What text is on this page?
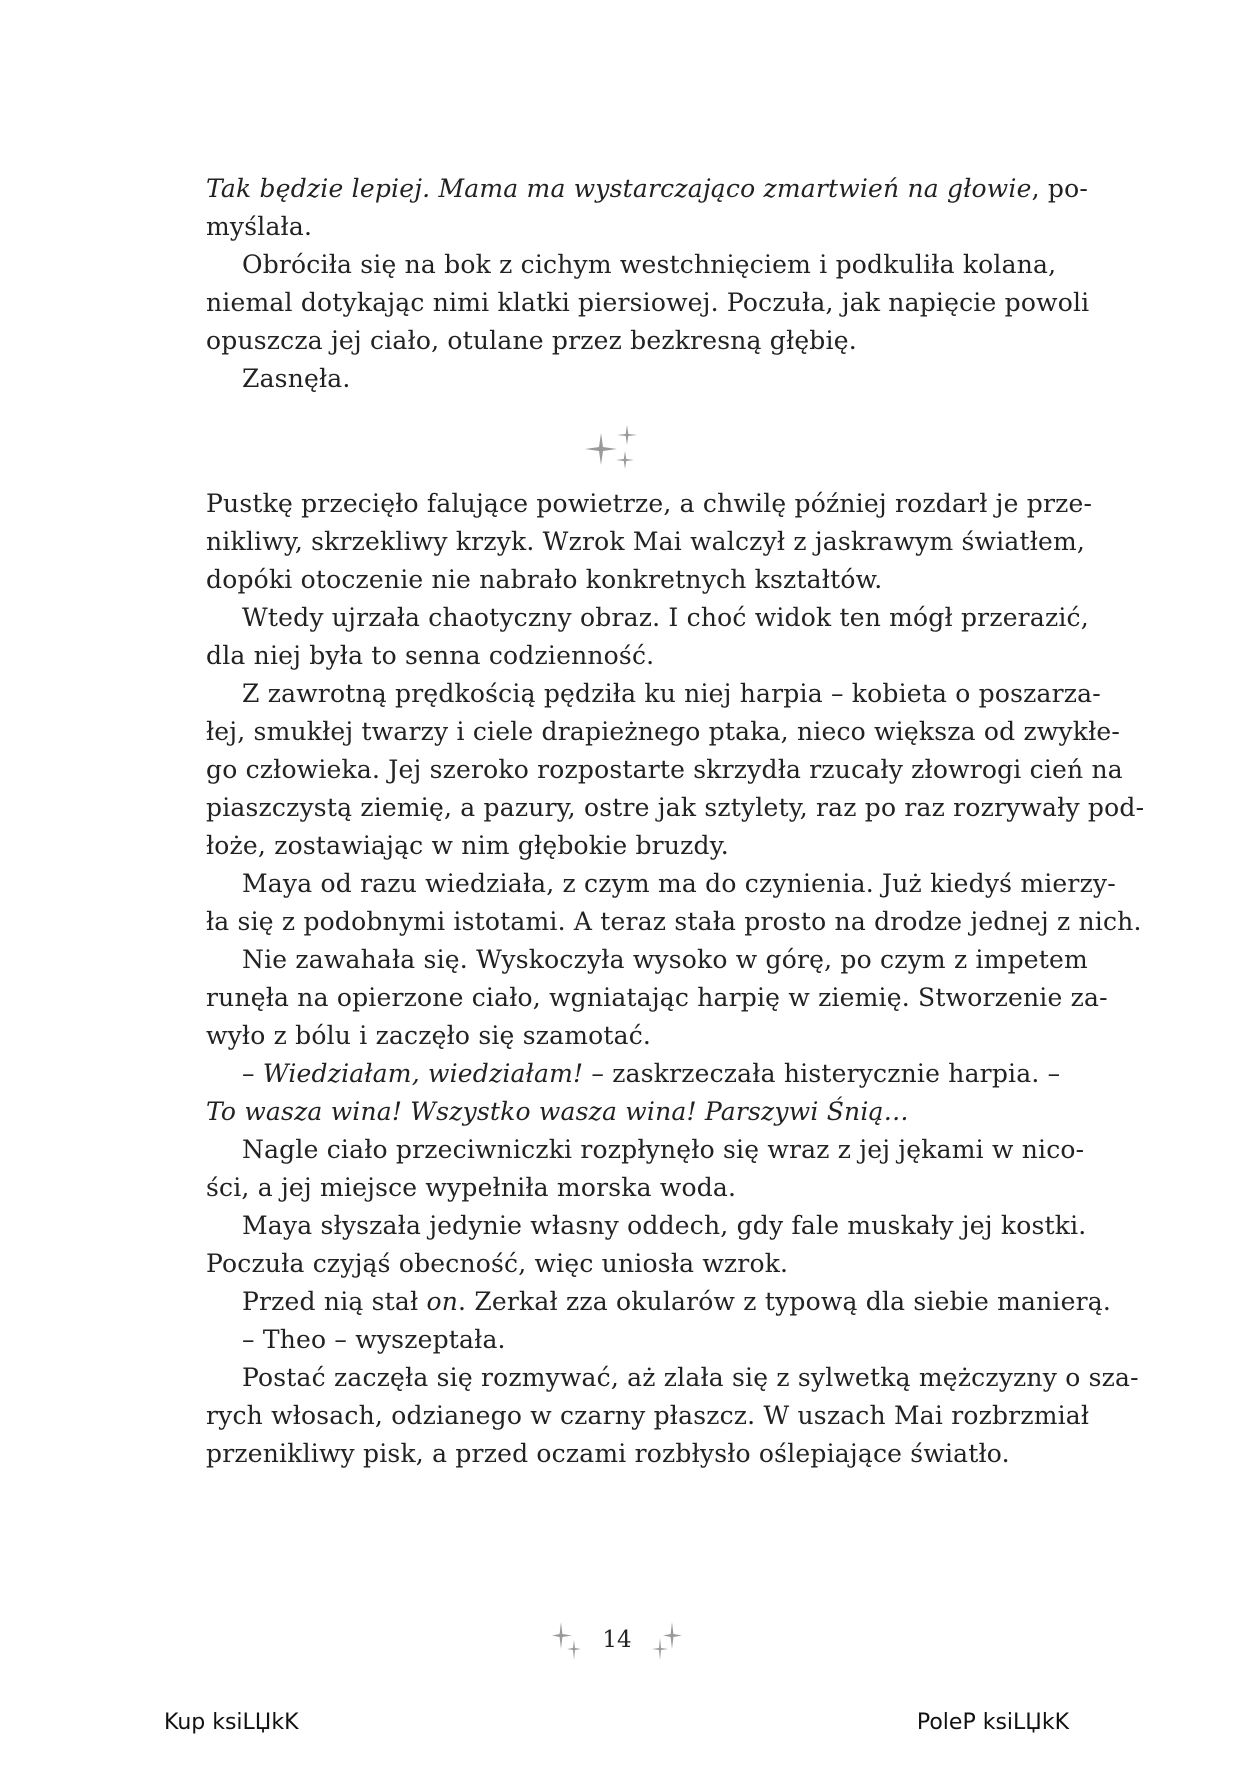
Tak będzie lepiej. Mama ma wystarczająco zmartwień na głowie, po-
myślała.
Obróciła się na bok z cichym westchnięciem i podkuliła kolana,
niemal dotykając nimi klatki piersiowej. Poczuła, jak napięcie powoli
opuszcza jej ciało, otulane przez bezkresną głębię.
Zasnęła.
Pustkę przecięło falujące powietrze, a chwilę później rozdarł je prze-
nikliwy, skrzekliwy krzyk. Wzrok Mai walczył z jaskrawym światłem,
dopóki otoczenie nie nabrało konkretnych kształtów.
Wtedy ujrzała chaotyczny obraz. I choć widok ten mógł przerazić,
dla niej była to senna codzienność.
Z zawrotną prędkością pędziła ku niej harpia – kobieta o poszarza-
łej, smukłej twarzy i ciele drapieżnego ptaka, nieco większa od zwykłe-
go człowieka. Jej szeroko rozpostarte skrzydła rzucały złowrogi cień na
piaszczystą ziemię, a pazury, ostre jak sztylety, raz po raz rozrywały pod-
łoże, zostawiając w nim głębokie bruzdy.
Maya od razu wiedziała, z czym ma do czynienia. Już kiedyś mierzy-
ła się z podobnymi istotami. A teraz stała prosto na drodze jednej z nich.
Nie zawahała się. Wyskoczyła wysoko w górę, po czym z impetem
runęła na opierzone ciało, wgniatając harpię w ziemię. Stworzenie za-
wyło z bólu i zaczęło się szamotać.
– Wiedziałam, wiedziałam! – zaskrzeczała histerycznie harpia. –
To wasza wina! Wszystko wasza wina! Parszywi Śnią…
Nagle ciało przeciwniczki rozpłynęło się wraz z jej jękami w nico-
ści, a jej miejsce wypełniła morska woda.
Maya słyszała jedynie własny oddech, gdy fale muskały jej kostki.
Poczuła czyjąś obecność, więc uniosła wzrok.
Przed nią stał on. Zerkał zza okularów z typową dla siebie manierą.
– Theo – wyszeptała.
Postać zaczęła się rozmywać, aż zlała się z sylwetką mężczyzny o sza-
rych włosach, odzianego w czarny płaszcz. W uszach Mai rozbrzmiał
przenikliwy pisk, a przed oczami rozbłysło oślepiające światło.
14
Kup ksiLЏkK	PoleP ksiLЏkK
